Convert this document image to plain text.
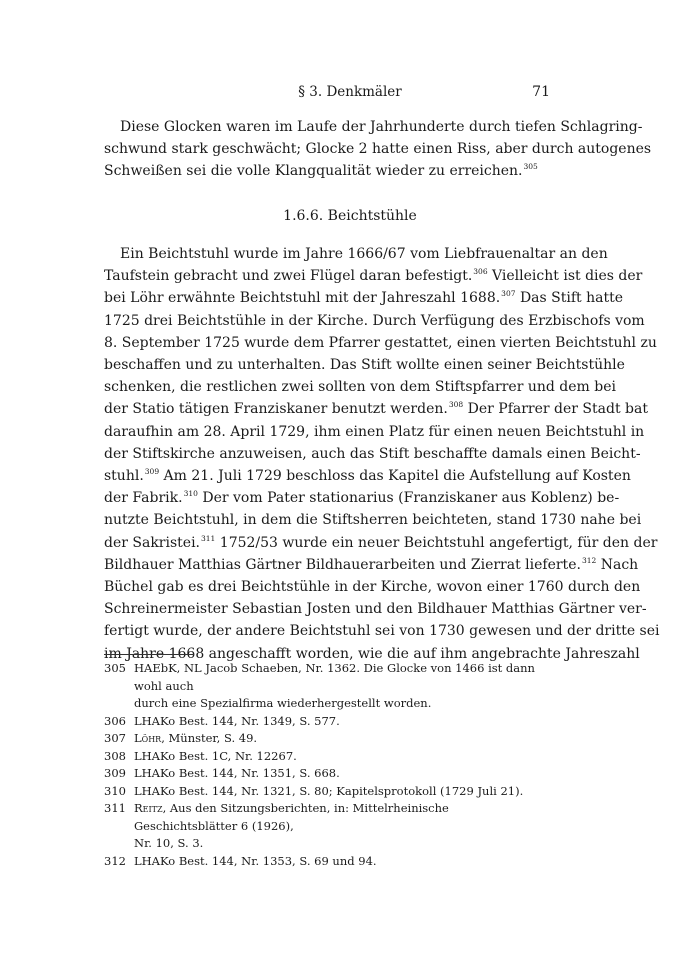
§ 3. Denkmäler	71
Diese Glocken waren im Laufe der Jahrhunderte durch tiefen Schlagring-
schwund stark geschwächt; Glocke 2 hatte einen Riss, aber durch autogenes
Schweißen sei die volle Klangqualität wieder zu erreichen.$^{305}$
1.6.6. Beichtstühle
Ein Beichtstuhl wurde im Jahre 1666/67 vom Liebfrauenaltar an den
Taufstein gebracht und zwei Flügel daran befestigt.$^{306}$ Vielleicht ist dies der
bei Löhr erwähnte Beichtstuhl mit der Jahreszahl 1688.$^{307}$ Das Stift hatte
1725 drei Beichtstühle in der Kirche. Durch Verfügung des Erzbischofs vom
8. September 1725 wurde dem Pfarrer gestattet, einen vierten Beichtstuhl zu
beschaffen und zu unterhalten. Das Stift wollte einen seiner Beichtstühle
schenken, die restlichen zwei sollten von dem Stiftspfarrer und dem bei
der Statio tätigen Franziskaner benutzt werden.$^{308}$ Der Pfarrer der Stadt bat
daraufhin am 28. April 1729, ihm einen Platz für einen neuen Beichtstuhl in
der Stiftskirche anzuweisen, auch das Stift beschaffte damals einen Beicht-
stuhl.$^{309}$ Am 21. Juli 1729 beschloss das Kapitel die Aufstellung auf Kosten
der Fabrik.$^{310}$ Der vom Pater stationarius (Franziskaner aus Koblenz) be-
nutzte Beichtstuhl, in dem die Stiftsherren beichteten, stand 1730 nahe bei
der Sakristei.$^{311}$ 1752/53 wurde ein neuer Beichtstuhl angefertigt, für den der
Bildhauer Matthias Gärtner Bildhauerarbeiten und Zierrat lieferte.$^{312}$ Nach
Büchel gab es drei Beichtstühle in der Kirche, wovon einer 1760 durch den
Schreinermeister Sebastian Josten und den Bildhauer Matthias Gärtner ver-
fertigt wurde, der andere Beichtstuhl sei von 1730 gewesen und der dritte sei
im Jahre 1668 angeschafft worden, wie die auf ihm angebrachte Jahreszahl
305 HAEbK, NL Jacob Schaeben, Nr. 1362. Die Glocke von 1466 ist dann wohl auch
durch eine Spezialfirma wiederhergestellt worden.
306 LHAKo Best. 144, Nr. 1349, S. 577.
307 Löhr, Münster, S. 49.
308 LHAKo Best. 1C, Nr. 12267.
309 LHAKo Best. 144, Nr. 1351, S. 668.
310 LHAKo Best. 144, Nr. 1321, S. 80; Kapitelsprotokoll (1729 Juli 21).
311 Reitz, Aus den Sitzungsberichten, in: Mittelrheinische Geschichtsblätter 6 (1926),
Nr. 10, S. 3.
312 LHAKo Best. 144, Nr. 1353, S. 69 und 94.
